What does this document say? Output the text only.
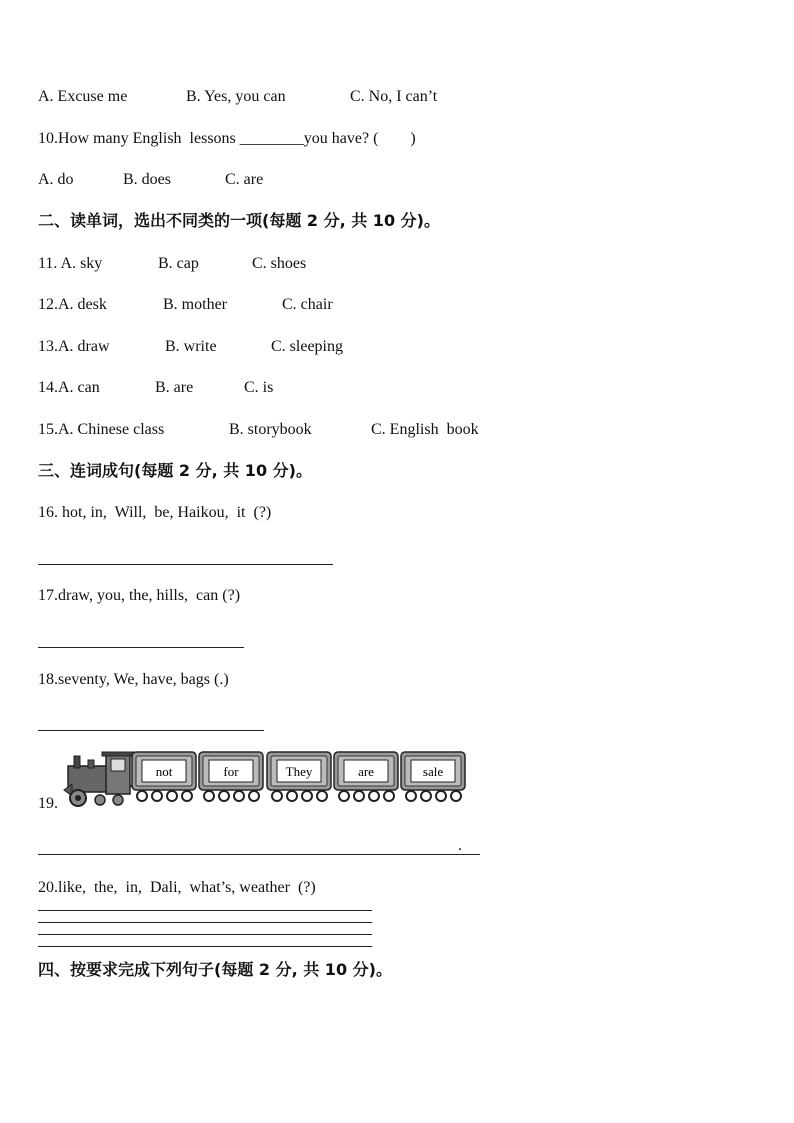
A. Excuse me	B. Yes, you can	C. No, I can’t
10.How many English  lessons ________you have? (        )
A. do	B. does	C. are
二、读单词，选出不同类的一项(每题 2 分, 共 10 分)。
11. A. sky	B. cap	C. shoes
12.A. desk	B. mother	C. chair
13.A. draw	B. write	C. sleeping
14.A. can	B. are	C. is
15.A. Chinese class	B. storybook	C. English  book
三、连词成句(每题 2 分, 共 10 分)。
16. hot, in,  Will,  be, Haikou,  it  (?)
17.draw, you, the, hills,  can (?)
18.seventy, We, have, bags (.)
19.
not	for	They	are	sale
.
20.like,  the,  in,  Dali,  what’s, weather  (?)
四、按要求完成下列句子(每题 2 分, 共 10 分)。
